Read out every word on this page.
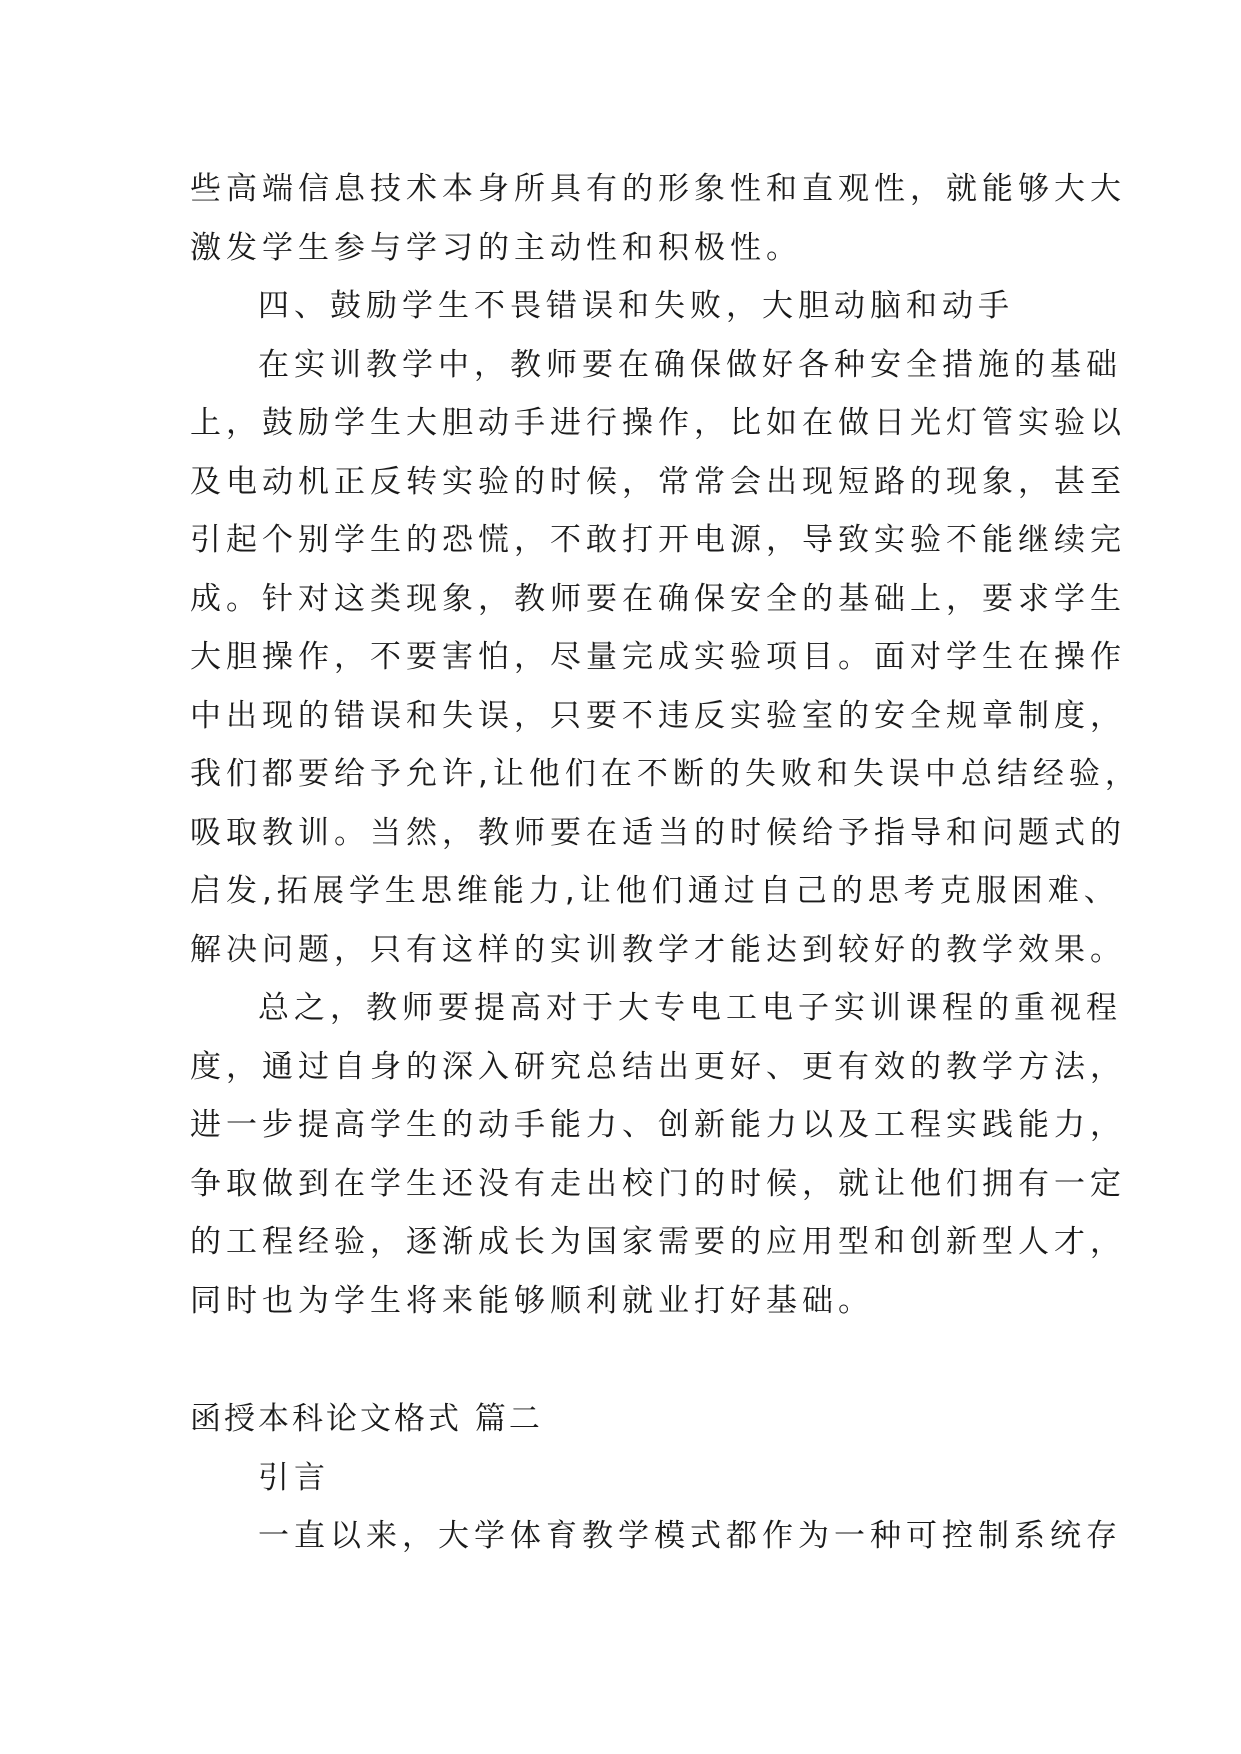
些高端信息技术本身所具有的形象性和直观性，就能够大大
激发学生参与学习的主动性和积极性。
四、鼓励学生不畏错误和失败，大胆动脑和动手
在实训教学中，教师要在确保做好各种安全措施的基础
上，鼓励学生大胆动手进行操作，比如在做日光灯管实验以
及电动机正反转实验的时候，常常会出现短路的现象，甚至
引起个别学生的恐慌，不敢打开电源，导致实验不能继续完
成。针对这类现象，教师要在确保安全的基础上，要求学生
大胆操作，不要害怕，尽量完成实验项目。面对学生在操作
中出现的错误和失误，只要不违反实验室的安全规章制度，
我们都要给予允许,让他们在不断的失败和失误中总结经验，
吸取教训。当然，教师要在适当的时候给予指导和问题式的
启发,拓展学生思维能力,让他们通过自己的思考克服困难、
解决问题，只有这样的实训教学才能达到较好的教学效果。
总之，教师要提高对于大专电工电子实训课程的重视程
度，通过自身的深入研究总结出更好、更有效的教学方法，
进一步提高学生的动手能力、创新能力以及工程实践能力，
争取做到在学生还没有走出校门的时候，就让他们拥有一定
的工程经验，逐渐成长为国家需要的应用型和创新型人才，
同时也为学生将来能够顺利就业打好基础。
函授本科论文格式 篇二
引言
一直以来，大学体育教学模式都作为一种可控制系统存
